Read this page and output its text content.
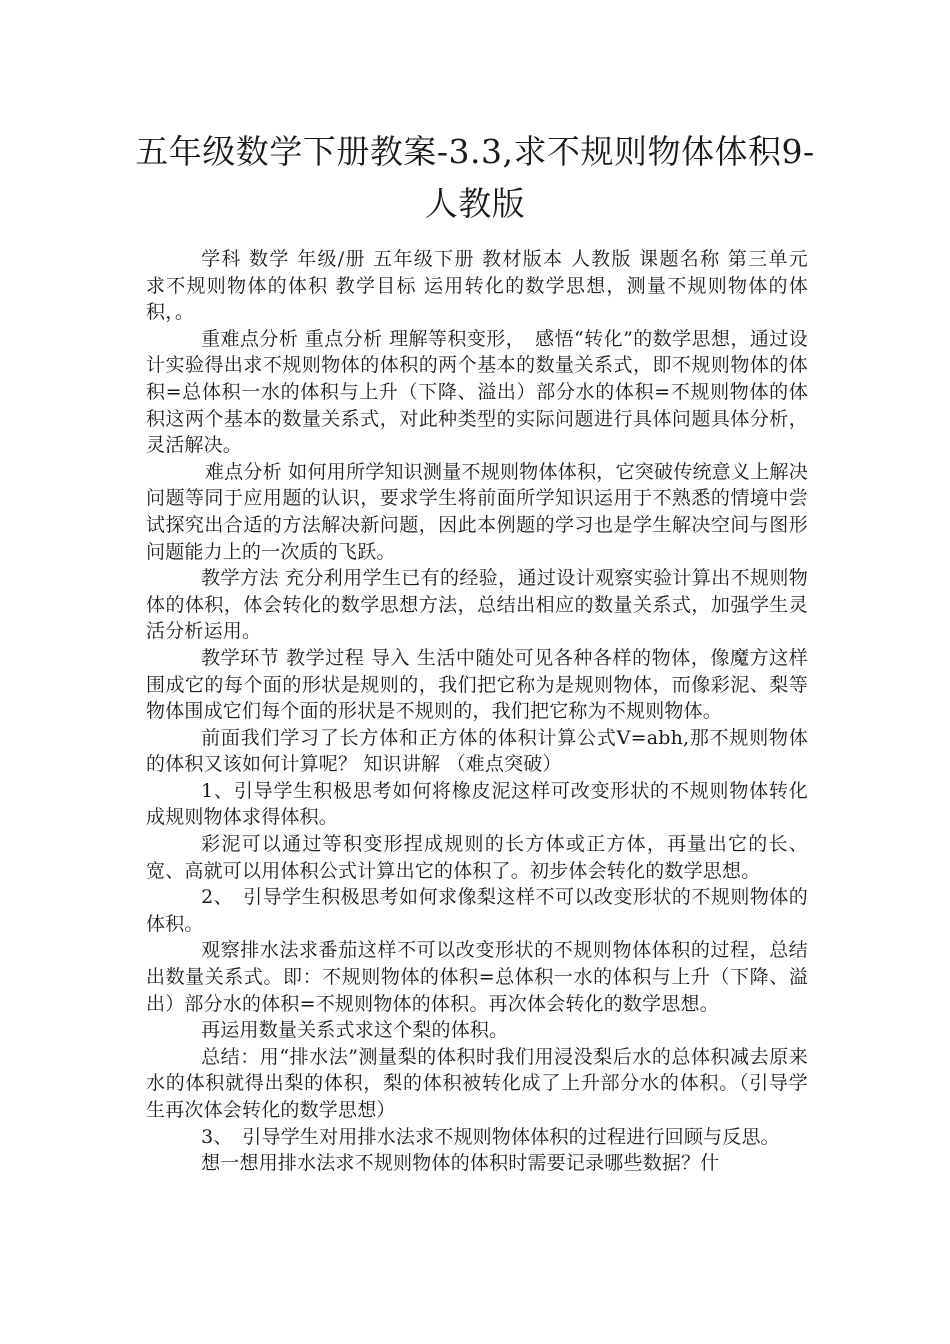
五年级数学下册教案-3.3,求不规则物体体积9-人教版

学科 数学 年级/册 五年级下册 教材版本 人教版 课题名称 第三单元　　求不规则物体的体积 教学目标 运用转化的数学思想，测量不规则物体的体积，。

重难点分析 重点分析 理解等积变形，　感悟“转化”的数学思想，通过设计实验得出求不规则物体的体积的两个基本的数量关系式，即不规则物体的体积=总体积一水的体积与上升（下降、溢出）部分水的体积=不规则物体的体积这两个基本的数量关系式，对此种类型的实际问题进行具体问题具体分析，灵活解决。

难点分析 如何用所学知识测量不规则物体体积，它突破传统意义上解决问题等同于应用题的认识，要求学生将前面所学知识运用于不熟悉的情境中尝试探究出合适的方法解决新问题，因此本例题的学习也是学生解决空间与图形问题能力上的一次质的飞跃。

教学方法 充分利用学生已有的经验，通过设计观察实验计算出不规则物体的体积，体会转化的数学思想方法，总结出相应的数量关系式，加强学生灵活分析运用。

教学环节 教学过程 导入 生活中随处可见各种各样的物体，像魔方这样围成它的每个面的形状是规则的，我们把它称为是规则物体，而像彩泥、梨等物体围成它们每个面的形状是不规则的，我们把它称为不规则物体。

前面我们学习了长方体和正方体的体积计算公式V=abh,那不规则物体的体积又该如何计算呢？ 知识讲解 （难点突破）

1、引导学生积极思考如何将橡皮泥这样可改变形状的不规则物体转化成规则物体求得体积。

彩泥可以通过等积变形捏成规则的长方体或正方体，再量出它的长、宽、高就可以用体积公式计算出它的体积了。初步体会转化的数学思想。

2、　引导学生积极思考如何求像梨这样不可以改变形状的不规则物体的体积。

观察排水法求番茄这样不可以改变形状的不规则物体体积的过程，总结出数量关系式。即：不规则物体的体积=总体积一水的体积与上升（下降、溢出）部分水的体积=不规则物体的体积。再次体会转化的数学思想。

再运用数量关系式求这个梨的体积。

总结：用“排水法”测量梨的体积时我们用浸没梨后水的总体积减去原来水的体积就得出梨的体积，梨的体积被转化成了上升部分水的体积。（引导学生再次体会转化的数学思想）

3、　引导学生对用排水法求不规则物体体积的过程进行回顾与反思。

想一想用排水法求不规则物体的体积时需要记录哪些数据？什
